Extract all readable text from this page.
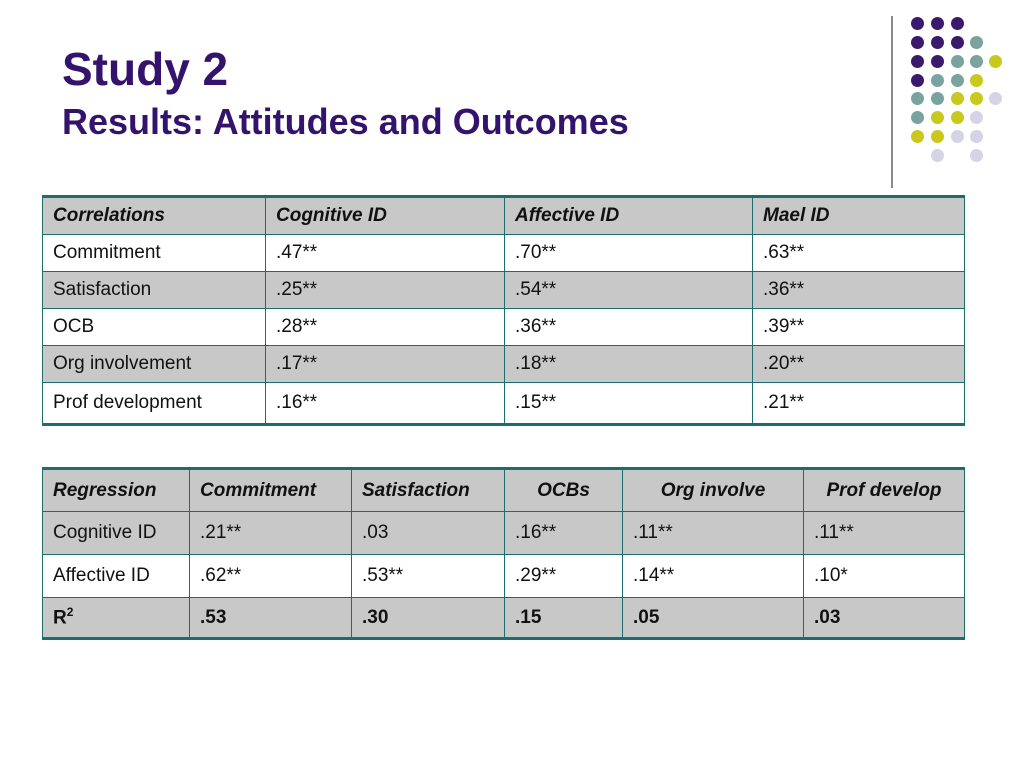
Study 2
Results: Attitudes and Outcomes
Correlations	Cognitive ID	Affective ID	Mael ID
Commitment	.47**	.70**	.63**
Satisfaction	.25**	.54**	.36**
OCB	.28**	.36**	.39**
Org involvement	.17**	.18**	.20**
Prof development	.16**	.15**	.21**
Regression	Commitment	Satisfaction	OCBs	Org involve	Prof develop
Cognitive ID	.21**	.03	.16**	.11**	.11**
Affective ID	.62**	.53**	.29**	.14**	.10*
$R^2$	.53	.30	.15	.05	.03
